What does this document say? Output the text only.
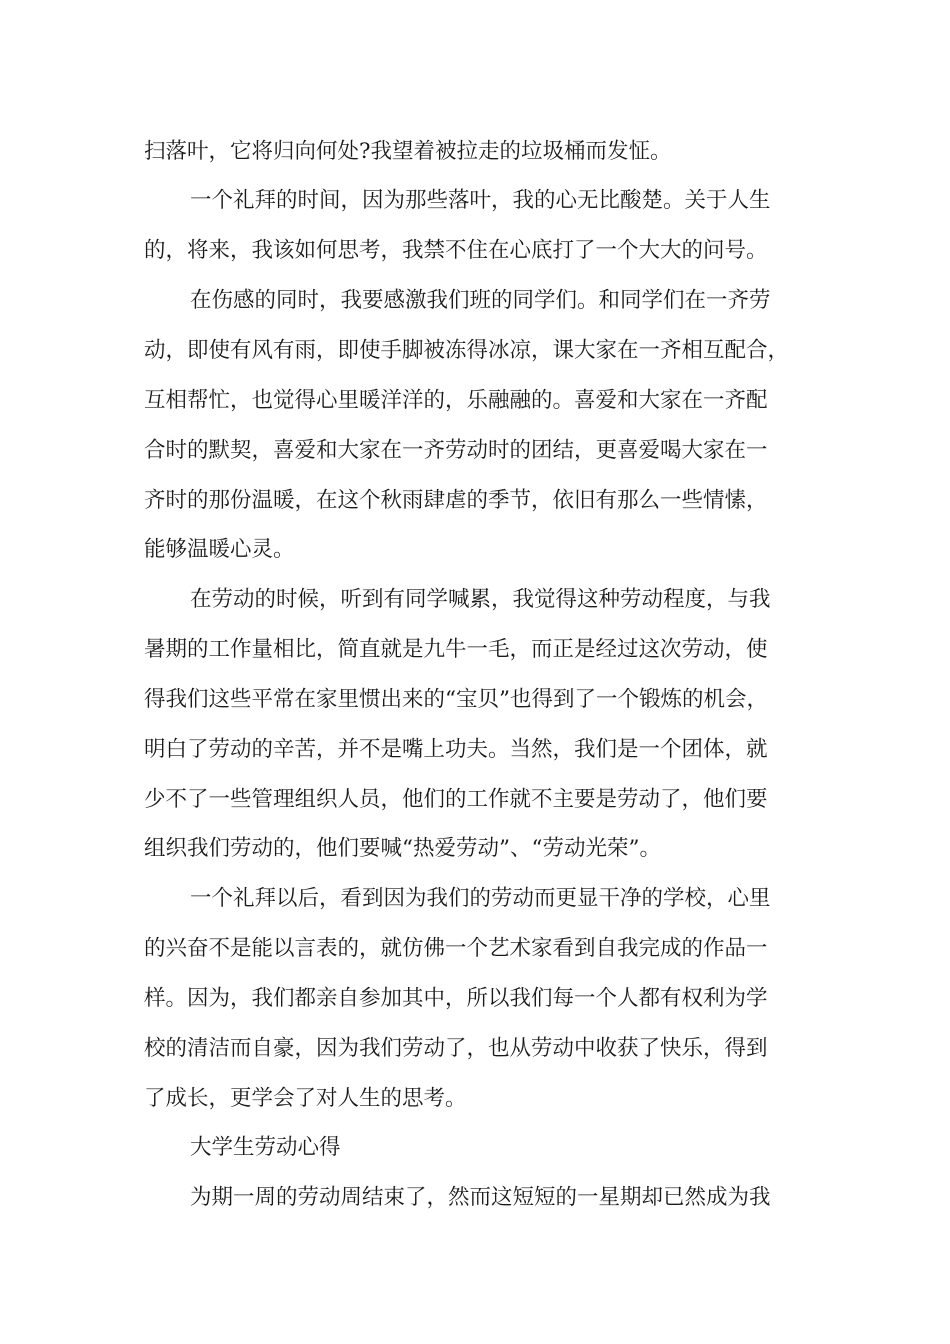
扫落叶，它将归向何处?我望着被拉走的垃圾桶而发怔。
一个礼拜的时间，因为那些落叶，我的心无比酸楚。关于人生
的，将来，我该如何思考，我禁不住在心底打了一个大大的问号。
在伤感的同时，我要感激我们班的同学们。和同学们在一齐劳
动，即使有风有雨，即使手脚被冻得冰凉，课大家在一齐相互配合，
互相帮忙，也觉得心里暖洋洋的，乐融融的。喜爱和大家在一齐配
合时的默契，喜爱和大家在一齐劳动时的团结，更喜爱喝大家在一
齐时的那份温暖，在这个秋雨肆虐的季节，依旧有那么一些情愫，
能够温暖心灵。
在劳动的时候，听到有同学喊累，我觉得这种劳动程度，与我
暑期的工作量相比，简直就是九牛一毛，而正是经过这次劳动，使
得我们这些平常在家里惯出来的“宝贝”也得到了一个锻炼的机会，
明白了劳动的辛苦，并不是嘴上功夫。当然，我们是一个团体，就
少不了一些管理组织人员，他们的工作就不主要是劳动了，他们要
组织我们劳动的，他们要喊“热爱劳动”、“劳动光荣”。
一个礼拜以后，看到因为我们的劳动而更显干净的学校，心里
的兴奋不是能以言表的，就仿佛一个艺术家看到自我完成的作品一
样。因为，我们都亲自参加其中，所以我们每一个人都有权利为学
校的清洁而自豪，因为我们劳动了，也从劳动中收获了快乐，得到
了成长，更学会了对人生的思考。
大学生劳动心得
为期一周的劳动周结束了，然而这短短的一星期却已然成为我
